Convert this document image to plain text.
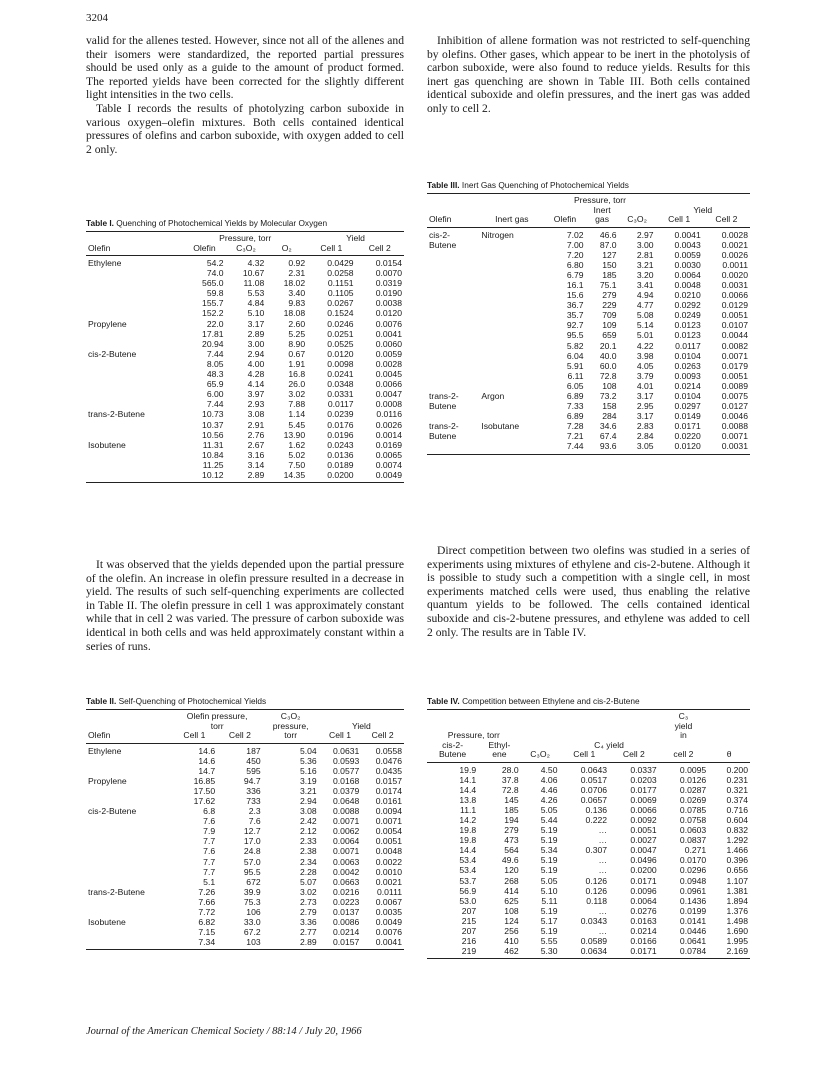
3204

valid for the allenes tested. However, since not all of the allenes and their isomers were standardized, the reported partial pressures should be used only as a guide to the amount of product formed. The reported yields have been corrected for the slightly different light intensities in the two cells.

Table I records the results of photolyzing carbon suboxide in various oxygen–olefin mixtures. Both cells contained identical pressures of olefins and carbon suboxide, with oxygen added to cell 2 only.

Inhibition of allene formation was not restricted to self-quenching by olefins. Other gases, which appear to be inert in the photolysis of carbon suboxide, were also found to reduce yields. Results for this inert gas quenching are shown in Table III. Both cells contained identical suboxide and olefin pressures, and the inert gas was added only to cell 2.

Table I. Quenching of Photochemical Yields by Molecular Oxygen

	Pressure, torr			Yield	
Olefin	Olefin	C₃O₂	O₂	Cell 1	Cell 2
Ethylene	54.2	4.32	0.92	0.0429	0.0154
	74.0	10.67	2.31	0.0258	0.0070
	565.0	11.08	18.02	0.1151	0.0319
	59.8	5.53	3.40	0.1105	0.0190
	155.7	4.84	9.83	0.0267	0.0038
	152.2	5.10	18.08	0.1524	0.0120
Propylene	22.0	3.17	2.60	0.0246	0.0076
	17.81	2.89	5.25	0.0251	0.0041
	20.94	3.00	8.90	0.0525	0.0060
cis-2-Butene	7.44	2.94	0.67	0.0120	0.0059
	8.05	4.00	1.91	0.0098	0.0028
	48.3	4.28	16.8	0.0241	0.0045
	65.9	4.14	26.0	0.0348	0.0066
	6.00	3.97	3.02	0.0331	0.0047
	7.44	2.93	7.88	0.0117	0.0008
trans-2-Butene	10.73	3.08	1.14	0.0239	0.0116
	10.37	2.91	5.45	0.0176	0.0026
	10.56	2.76	13.90	0.0196	0.0014
Isobutene	11.31	2.67	1.62	0.0243	0.0169
	10.84	3.16	5.02	0.0136	0.0065
	11.25	3.14	7.50	0.0189	0.0074
	10.12	2.89	14.35	0.0200	0.0049

Table III. Inert Gas Quenching of Photochemical Yields

		Pressure, torr				
			Inert		Yield	
Olefin	Inert gas	Olefin	gas	C₃O₂	Cell 1	Cell 2
cis-2-	Nitrogen	7.02	46.6	2.97	0.0041	0.0028
Butene		7.00	87.0	3.00	0.0043	0.0021
		7.20	127	2.81	0.0059	0.0026
		6.80	150	3.21	0.0030	0.0011
		6.79	185	3.20	0.0064	0.0020
		16.1	75.1	3.41	0.0048	0.0031
		15.6	279	4.94	0.0210	0.0066
		36.7	229	4.77	0.0292	0.0129
		35.7	709	5.08	0.0249	0.0051
		92.7	109	5.14	0.0123	0.0107
		95.5	659	5.01	0.0123	0.0044
		5.82	20.1	4.22	0.0117	0.0082
		6.04	40.0	3.98	0.0104	0.0071
		5.91	60.0	4.05	0.0263	0.0179
		6.11	72.8	3.79	0.0093	0.0051
		6.05	108	4.01	0.0214	0.0089
trans-2-	Argon	6.89	73.2	3.17	0.0104	0.0075
Butene		7.33	158	2.95	0.0297	0.0127
		6.89	284	3.17	0.0149	0.0046
trans-2-	Isobutane	7.28	34.6	2.83	0.0171	0.0088
Butene		7.21	67.4	2.84	0.0220	0.0071
		7.44	93.6	3.05	0.0120	0.0031

It was observed that the yields depended upon the partial pressure of the olefin. An increase in olefin pressure resulted in a decrease in yield. The results of such self-quenching experiments are collected in Table II. The olefin pressure in cell 1 was approximately constant while that in cell 2 was varied. The pressure of carbon suboxide was identical in both cells and was held approximately constant within a series of runs.

Direct competition between two olefins was studied in a series of experiments using mixtures of ethylene and cis-2-butene. Although it is possible to study such a competition with a single cell, in most experiments matched cells were used, thus enabling the relative quantum yields to be followed. The cells contained identical suboxide and cis-2-butene pressures, and ethylene was added to cell 2 only. The results are in Table IV.

Table II. Self-Quenching of Photochemical Yields

	Olefin pressure,		C₃O₂		
	torr		pressure,	Yield	
Olefin	Cell 1	Cell 2	torr	Cell 1	Cell 2
Ethylene	14.6	187	5.04	0.0631	0.0558
	14.6	450	5.36	0.0593	0.0476
	14.7	595	5.16	0.0577	0.0435
Propylene	16.85	94.7	3.19	0.0168	0.0157
	17.50	336	3.21	0.0379	0.0174
	17.62	733	2.94	0.0648	0.0161
cis-2-Butene	6.8	2.3	3.08	0.0088	0.0094
	7.6	7.6	2.42	0.0071	0.0071
	7.9	12.7	2.12	0.0062	0.0054
	7.7	17.0	2.33	0.0064	0.0051
	7.6	24.8	2.38	0.0071	0.0048
	7.7	57.0	2.34	0.0063	0.0022
	7.7	95.5	2.28	0.0042	0.0010
	5.1	672	5.07	0.0663	0.0021
trans-2-Butene	7.26	39.9	3.02	0.0216	0.0111
	7.66	75.3	2.73	0.0223	0.0067
	7.72	106	2.79	0.0137	0.0035
Isobutene	6.82	33.0	3.36	0.0086	0.0049
	7.15	67.2	2.77	0.0214	0.0076
	7.34	103	2.89	0.0157	0.0041

Table IV. Competition between Ethylene and cis-2-Butene

					C₃	
					yield	
Pressure, torr					in	
cis-2-	Ethyl-		C₄ yield			
Butene	ene	C₃O₂	Cell 1	Cell 2	cell 2	θ
19.9	28.0	4.50	0.0643	0.0337	0.0095	0.200
14.1	37.8	4.06	0.0517	0.0203	0.0126	0.231
14.4	72.8	4.46	0.0706	0.0177	0.0287	0.321
13.8	145	4.26	0.0657	0.0069	0.0269	0.374
11.1	185	5.05	0.136	0.0066	0.0785	0.716
14.2	194	5.44	0.222	0.0092	0.0758	0.604
19.8	279	5.19	…	0.0051	0.0603	0.832
19.8	473	5.19	…	0.0027	0.0837	1.292
14.4	564	5.34	0.307	0.0047	0.271	1.466
53.4	49.6	5.19	…	0.0496	0.0170	0.396
53.4	120	5.19	…	0.0200	0.0296	0.656
53.7	268	5.05	0.126	0.0171	0.0948	1.107
56.9	414	5.10	0.126	0.0096	0.0961	1.381
53.0	625	5.11	0.118	0.0064	0.1436	1.894
207	108	5.19	…	0.0276	0.0199	1.376
215	124	5.17	0.0343	0.0163	0.0141	1.498
207	256	5.19	…	0.0214	0.0446	1.690
216	410	5.55	0.0589	0.0166	0.0641	1.995
219	462	5.30	0.0634	0.0171	0.0784	2.169
Journal of the American Chemical Society / 88:14 / July 20, 1966
